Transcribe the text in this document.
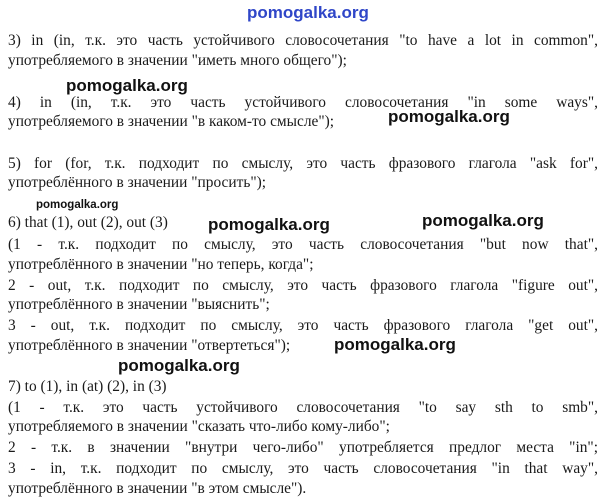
pomogalka.org
3) in (in, т.к. это часть устойчивого словосочетания "to have a lot in common",
употребляемого в значении "иметь много общего");
pomogalka.org
4) in (in, т.к. это часть устойчивого словосочетания "in some ways",
употребляемого в значении "в каком-то смысле");	pomogalka.org
5) for (for, т.к. подходит по смыслу, это часть фразового глагола "ask for",
употреблённого в значении "просить");
pomogalka.org
6) that (1), out (2), out (3)	pomogalka.org	pomogalka.org
(1 - т.к. подходит по смыслу, это часть словосочетания "but now that",
употреблённого в значении "но теперь, когда";
2 - out, т.к. подходит по смыслу, это часть фразового глагола "figure out",
употреблённого в значении "выяснить";
3 - out, т.к. подходит по смыслу, это часть фразового глагола "get out",
употреблённого в значении "отвертеться");	pomogalka.org
pomogalka.org
7) to (1), in (at) (2), in (3)
(1 - т.к. это часть устойчивого словосочетания "to say sth to smb",
употребляемого в значении "сказать что-либо кому-либо";
2 - т.к. в значении "внутри чего-либо" употребляется предлог места "in";
3 - in, т.к. подходит по смыслу, это часть словосочетания "in that way",
употреблённого в значении "в этом смысле").
